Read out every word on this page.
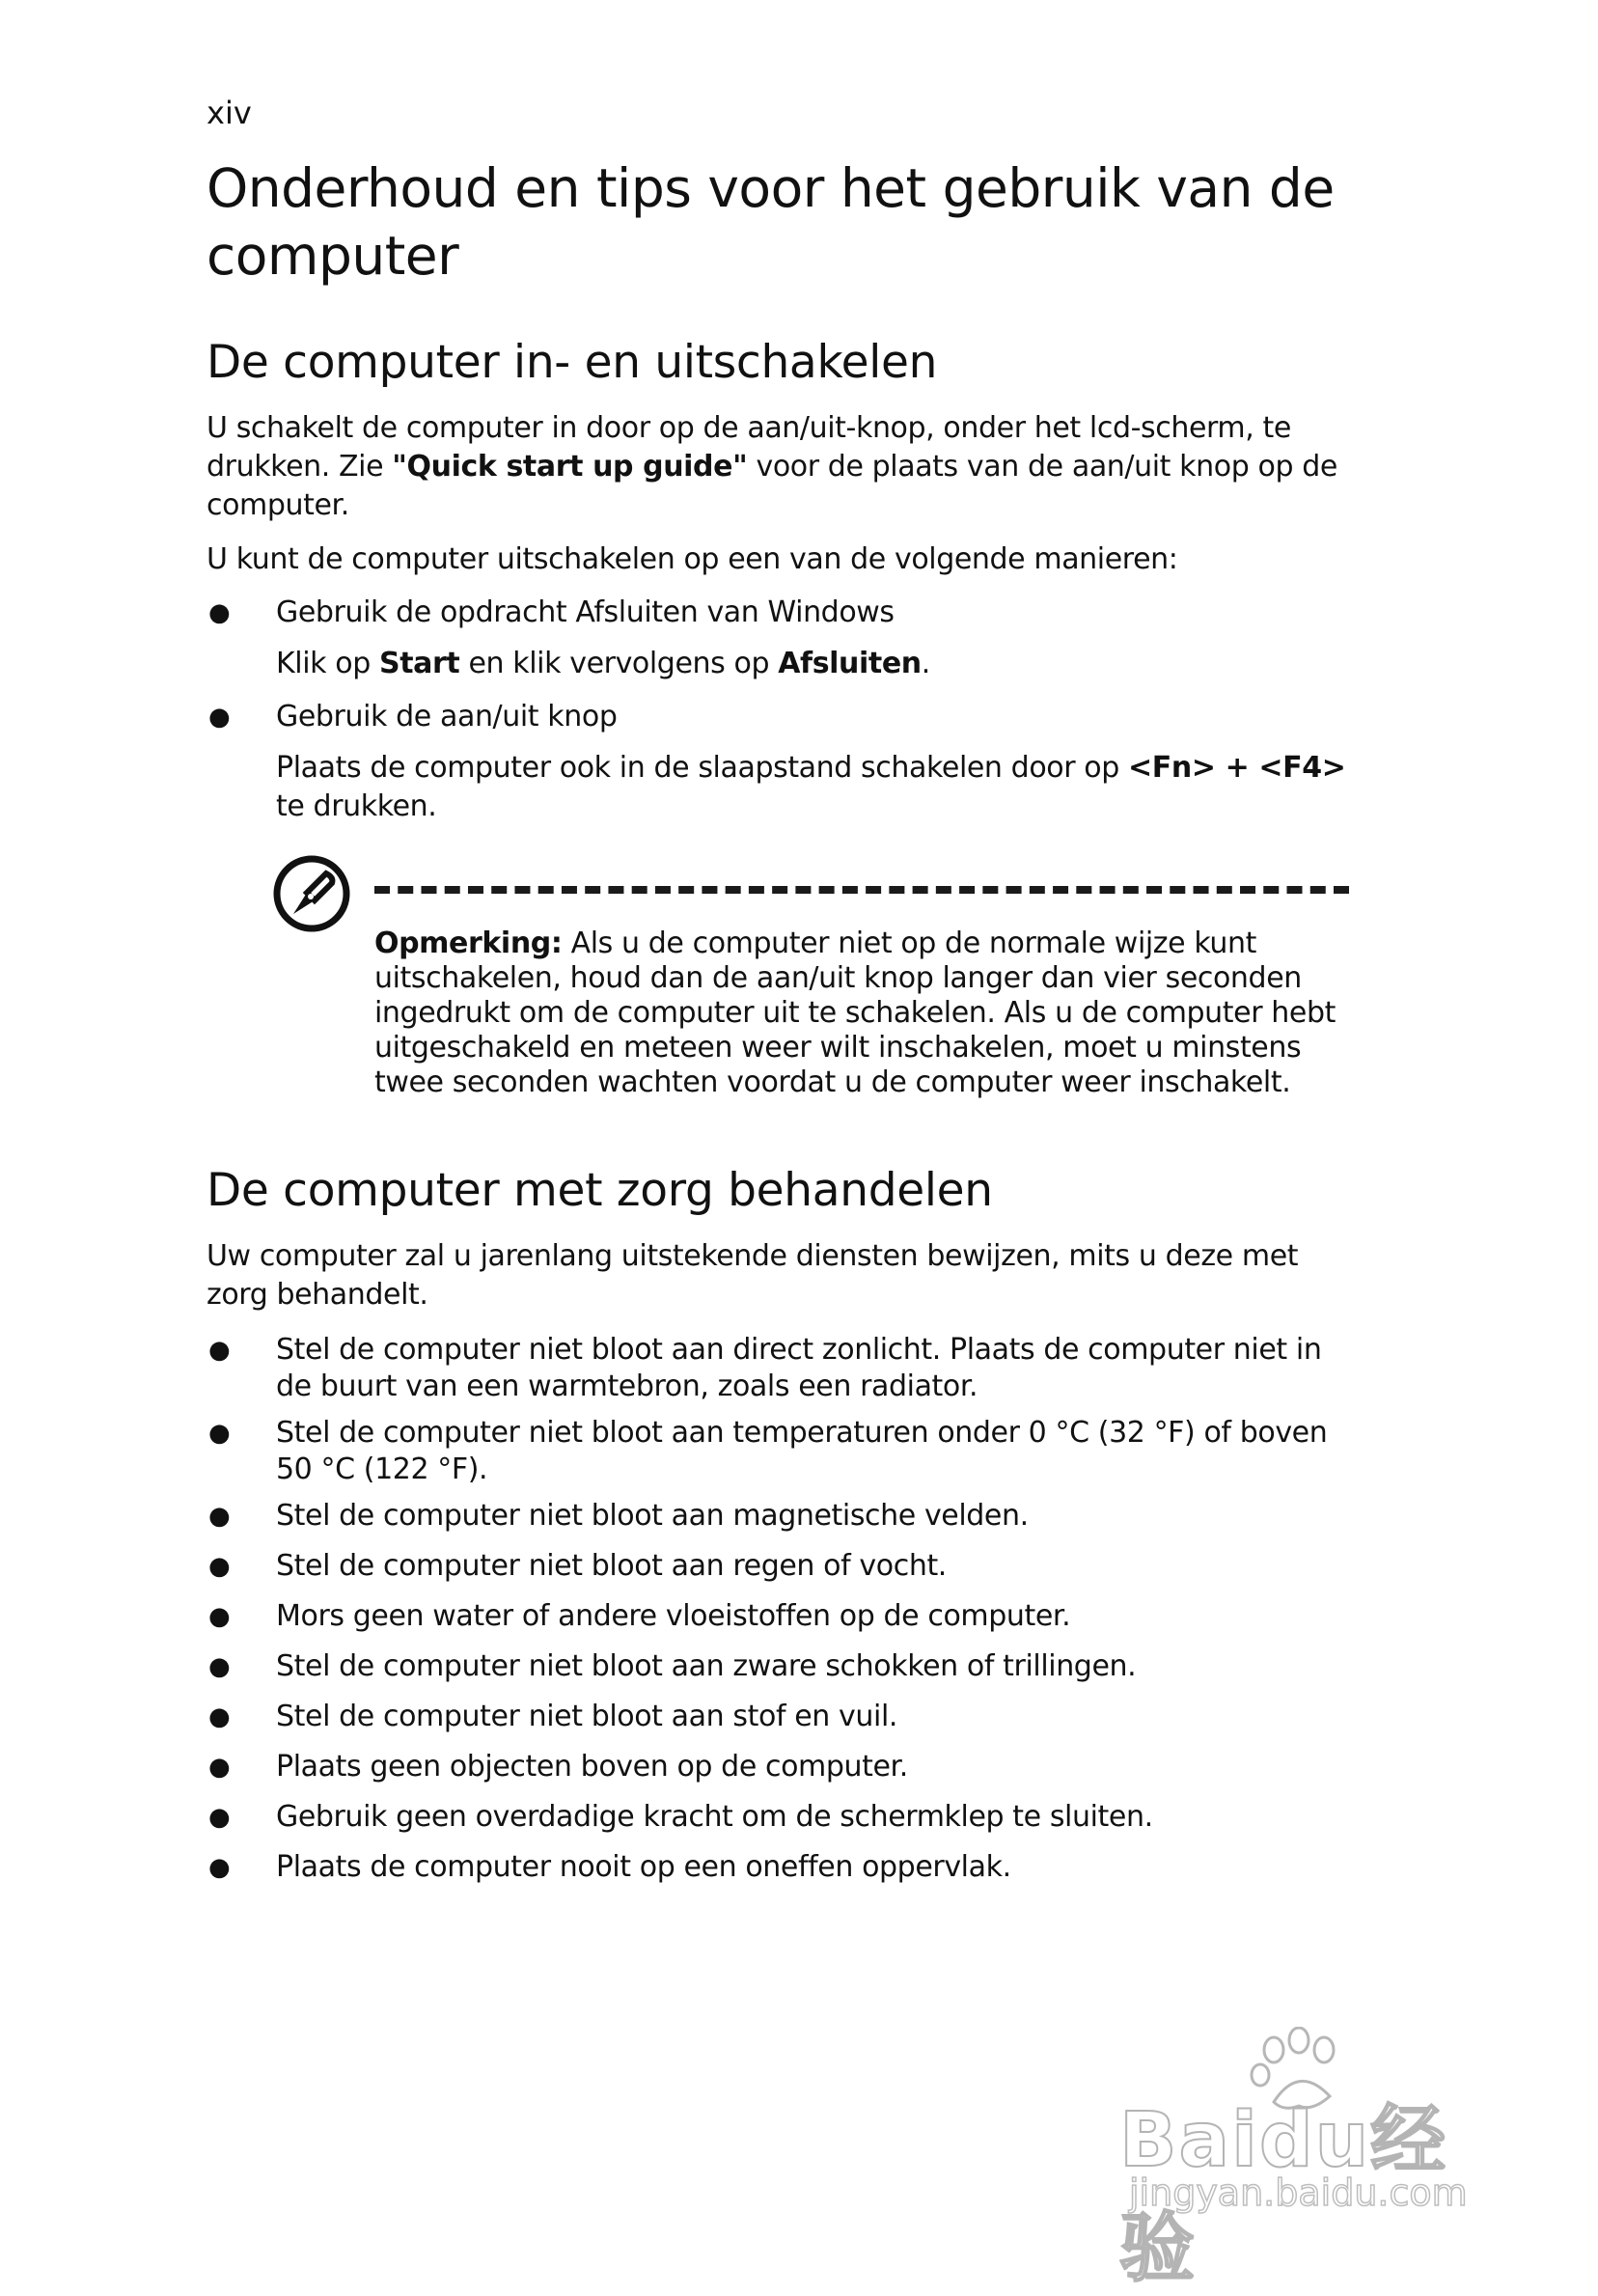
xiv
Onderhoud en tips voor het gebruik van de computer
De computer in- en uitschakelen

U schakelt de computer in door op de aan/uit-knop, onder het lcd-scherm, te drukken. Zie "Quick start up guide" voor de plaats van de aan/uit knop op de computer.

U kunt de computer uitschakelen op een van de volgende manieren:

● Gebruik de opdracht Afsluiten van Windows

Klik op Start en klik vervolgens op Afsluiten.

● Gebruik de aan/uit knop

Plaats de computer ook in de slaapstand schakelen door op <Fn> + <F4> te drukken.

Opmerking: Als u de computer niet op de normale wijze kunt uitschakelen, houd dan de aan/uit knop langer dan vier seconden ingedrukt om de computer uit te schakelen. Als u de computer hebt uitgeschakeld en meteen weer wilt inschakelen, moet u minstens twee seconden wachten voordat u de computer weer inschakelt.

De computer met zorg behandelen

Uw computer zal u jarenlang uitstekende diensten bewijzen, mits u deze met zorg behandelt.

● Stel de computer niet bloot aan direct zonlicht. Plaats de computer niet in de buurt van een warmtebron, zoals een radiator.
● Stel de computer niet bloot aan temperaturen onder 0 °C (32 °F) of boven 50 °C (122 °F).
● Stel de computer niet bloot aan magnetische velden.
● Stel de computer niet bloot aan regen of vocht.
● Mors geen water of andere vloeistoffen op de computer.
● Stel de computer niet bloot aan zware schokken of trillingen.
● Stel de computer niet bloot aan stof en vuil.
● Plaats geen objecten boven op de computer.
● Gebruik geen overdadige kracht om de schermklep te sluiten.
● Plaats de computer nooit op een oneffen oppervlak.
Baidu经验
jingyan.baidu.com
